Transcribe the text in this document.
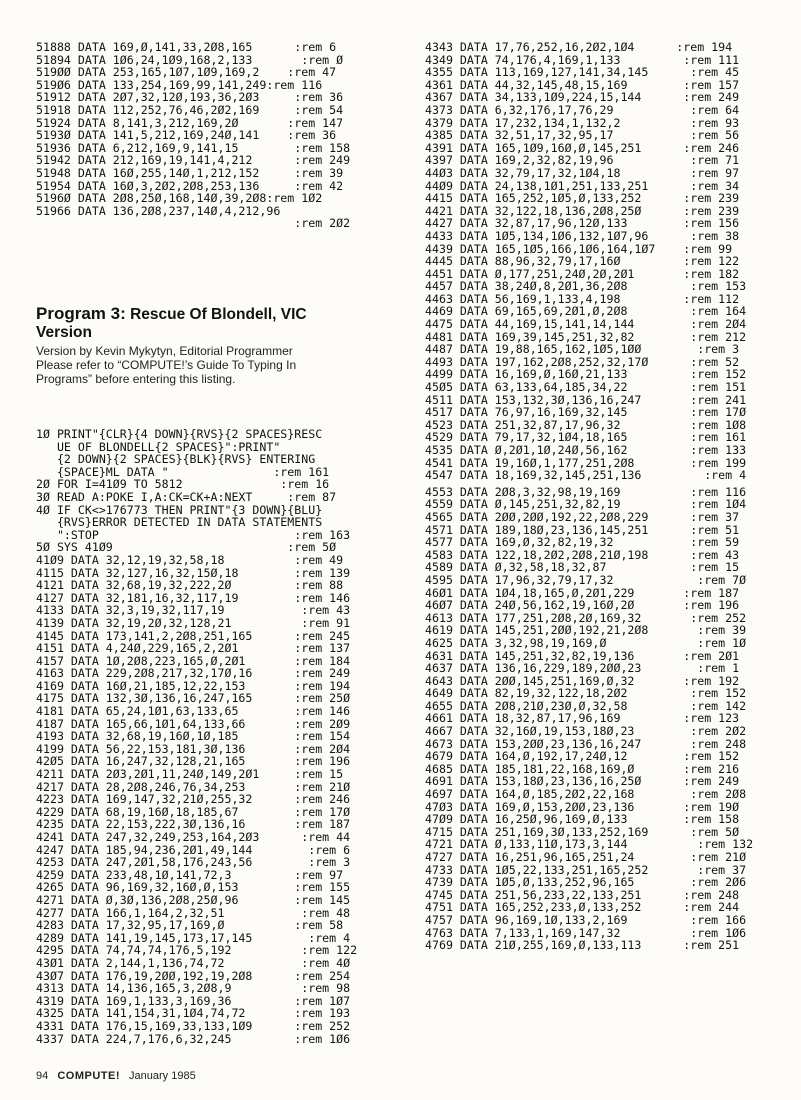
51888 DATA 169,Ø,141,33,2Ø8,165      :rem 6
51894 DATA 1Ø6,24,1Ø9,168,2,133       :rem Ø
519ØØ DATA 253,165,1Ø7,1Ø9,169,2    :rem 47
519Ø6 DATA 133,254,169,99,141,249:rem 116
51912 DATA 2Ø7,32,12Ø,193,36,2Ø3     :rem 36
51918 DATA 112,252,76,46,2Ø2,169     :rem 54
51924 DATA 8,141,3,212,169,2Ø       :rem 147
5193Ø DATA 141,5,212,169,24Ø,141    :rem 36
51936 DATA 6,212,169,9,141,15        :rem 158
51942 DATA 212,169,19,141,4,212      :rem 249
51948 DATA 16Ø,255,14Ø,1,212,152     :rem 39
51954 DATA 16Ø,3,2Ø2,2Ø8,253,136     :rem 42
5196Ø DATA 2Ø8,25Ø,168,14Ø,39,2Ø8:rem 1Ø2
51966 DATA 136,2Ø8,237,14Ø,4,212,96
:rem 2Ø2
Program 3: Rescue Of Blondell, VIC
Version
Version by Kevin Mykytyn, Editorial Programmer
Please refer to “COMPUTE!’s Guide To Typing In
Programs” before entering this listing.
1Ø PRINT"{CLR}{4 DOWN}{RVS}{2 SPACES}RESC
UE OF BLONDELL{2 SPACES}":PRINT"
{2 DOWN}{2 SPACES}{BLK}{RVS} ENTERING
{SPACE}ML DATA "               :rem 161
2Ø FOR I=41Ø9 TO 5812              :rem 16
3Ø READ A:POKE I,A:CK=CK+A:NEXT     :rem 87
4Ø IF CK<>176773 THEN PRINT"{3 DOWN}{BLU}
{RVS}ERROR DETECTED IN DATA STATEMENTS
":STOP                            :rem 163
5Ø SYS 41Ø9                         :rem 5Ø
41Ø9 DATA 32,12,19,32,58,18          :rem 49
4115 DATA 32,127,16,32,15Ø,18        :rem 139
4121 DATA 32,68,19,32,222,2Ø         :rem 88
4127 DATA 32,181,16,32,117,19        :rem 146
4133 DATA 32,3,19,32,117,19           :rem 43
4139 DATA 32,19,2Ø,32,128,21          :rem 91
4145 DATA 173,141,2,2Ø8,251,165      :rem 245
4151 DATA 4,24Ø,229,165,2,2Ø1        :rem 137
4157 DATA 1Ø,2Ø8,223,165,Ø,2Ø1       :rem 184
4163 DATA 229,2Ø8,217,32,17Ø,16      :rem 249
4169 DATA 16Ø,21,185,12,22,153       :rem 194
4175 DATA 132,3Ø,136,16,247,165      :rem 25Ø
4181 DATA 65,24,1Ø1,63,133,65        :rem 146
4187 DATA 165,66,1Ø1,64,133,66       :rem 2Ø9
4193 DATA 32,68,19,16Ø,1Ø,185        :rem 154
4199 DATA 56,22,153,181,3Ø,136       :rem 2Ø4
42Ø5 DATA 16,247,32,128,21,165       :rem 196
4211 DATA 2Ø3,2Ø1,11,24Ø,149,2Ø1     :rem 15
4217 DATA 28,2Ø8,246,76,34,253       :rem 21Ø
4223 DATA 169,147,32,21Ø,255,32      :rem 246
4229 DATA 68,19,16Ø,18,185,67        :rem 17Ø
4235 DATA 22,153,222,3Ø,136,16       :rem 187
4241 DATA 247,32,249,253,164,2Ø3      :rem 44
4247 DATA 185,94,236,2Ø1,49,144        :rem 6
4253 DATA 247,2Ø1,58,176,243,56        :rem 3
4259 DATA 233,48,1Ø,141,72,3         :rem 97
4265 DATA 96,169,32,16Ø,Ø,153        :rem 155
4271 DATA Ø,3Ø,136,2Ø8,25Ø,96        :rem 145
4277 DATA 166,1,164,2,32,51           :rem 48
4283 DATA 17,32,95,17,169,Ø          :rem 58
4289 DATA 141,19,145,173,17,145        :rem 4
4295 DATA 74,74,74,176,5,192          :rem 122
43Ø1 DATA 2,144,1,136,74,72           :rem 4Ø
43Ø7 DATA 176,19,2ØØ,192,19,2Ø8      :rem 254
4313 DATA 14,136,165,3,2Ø8,9          :rem 98
4319 DATA 169,1,133,3,169,36         :rem 1Ø7
4325 DATA 141,154,31,1Ø4,74,72       :rem 193
4331 DATA 176,15,169,33,133,1Ø9      :rem 252
4337 DATA 224,7,176,6,32,245         :rem 1Ø6
4343 DATA 17,76,252,16,2Ø2,1Ø4      :rem 194
4349 DATA 74,176,4,169,1,133         :rem 111
4355 DATA 113,169,127,141,34,145      :rem 45
4361 DATA 44,32,145,48,15,169        :rem 157
4367 DATA 34,133,1Ø9,224,15,144      :rem 249
4373 DATA 6,32,176,17,76,29           :rem 64
4379 DATA 17,232,134,1,132,2          :rem 93
4385 DATA 32,51,17,32,95,17           :rem 56
4391 DATA 165,1Ø9,16Ø,Ø,145,251      :rem 246
4397 DATA 169,2,32,82,19,96           :rem 71
44Ø3 DATA 32,79,17,32,1Ø4,18          :rem 97
44Ø9 DATA 24,138,1Ø1,251,133,251      :rem 34
4415 DATA 165,252,1Ø5,Ø,133,252      :rem 239
4421 DATA 32,122,18,136,2Ø8,25Ø      :rem 239
4427 DATA 32,87,17,96,12Ø,133        :rem 156
4433 DATA 1Ø5,134,1Ø6,132,1Ø7,96      :rem 38
4439 DATA 165,1Ø5,166,1Ø6,164,1Ø7    :rem 99
4445 DATA 88,96,32,79,17,16Ø         :rem 122
4451 DATA Ø,177,251,24Ø,2Ø,2Ø1       :rem 182
4457 DATA 38,24Ø,8,2Ø1,36,2Ø8         :rem 153
4463 DATA 56,169,1,133,4,198         :rem 112
4469 DATA 69,165,69,2Ø1,Ø,2Ø8         :rem 164
4475 DATA 44,169,15,141,14,144        :rem 2Ø4
4481 DATA 169,39,145,251,32,82        :rem 212
4487 DATA 19,88,165,162,1Ø5,1ØØ        :rem 3
4493 DATA 197,162,2Ø8,252,32,17Ø      :rem 52
4499 DATA 16,169,Ø,16Ø,21,133         :rem 152
45Ø5 DATA 63,133,64,185,34,22         :rem 151
4511 DATA 153,132,3Ø,136,16,247       :rem 241
4517 DATA 76,97,16,169,32,145         :rem 17Ø
4523 DATA 251,32,87,17,96,32          :rem 1Ø8
4529 DATA 79,17,32,1Ø4,18,165         :rem 161
4535 DATA Ø,2Ø1,1Ø,24Ø,56,162         :rem 133
4541 DATA 19,16Ø,1,177,251,2Ø8        :rem 199
4547 DATA 18,169,32,145,251,136         :rem 4
4553 DATA 2Ø8,3,32,98,19,169          :rem 116
4559 DATA Ø,145,251,32,82,19          :rem 1Ø4
4565 DATA 2ØØ,2ØØ,192,22,2Ø8,229      :rem 37
4571 DATA 189,18Ø,23,136,145,251      :rem 51
4577 DATA 169,Ø,32,82,19,32           :rem 59
4583 DATA 122,18,2Ø2,2Ø8,21Ø,198      :rem 43
4589 DATA Ø,32,58,18,32,87            :rem 15
4595 DATA 17,96,32,79,17,32            :rem 7Ø
46Ø1 DATA 1Ø4,18,165,Ø,2Ø1,229       :rem 187
46Ø7 DATA 24Ø,56,162,19,16Ø,2Ø       :rem 196
4613 DATA 177,251,2Ø8,2Ø,169,32       :rem 252
4619 DATA 145,251,2ØØ,192,21,2Ø8       :rem 39
4625 DATA 3,32,98,19,169,Ø             :rem 1Ø
4631 DATA 145,251,32,82,19,136       :rem 2Ø1
4637 DATA 136,16,229,189,2ØØ,23        :rem 1
4643 DATA 2ØØ,145,251,169,Ø,32       :rem 192
4649 DATA 82,19,32,122,18,2Ø2         :rem 152
4655 DATA 2Ø8,21Ø,23Ø,Ø,32,58         :rem 142
4661 DATA 18,32,87,17,96,169         :rem 123
4667 DATA 32,16Ø,19,153,18Ø,23        :rem 2Ø2
4673 DATA 153,2ØØ,23,136,16,247       :rem 248
4679 DATA 164,Ø,192,17,24Ø,12        :rem 152
4685 DATA 185,181,22,168,169,Ø       :rem 216
4691 DATA 153,18Ø,23,136,16,25Ø      :rem 249
4697 DATA 164,Ø,185,2Ø2,22,168        :rem 2Ø8
47Ø3 DATA 169,Ø,153,2ØØ,23,136       :rem 19Ø
47Ø9 DATA 16,25Ø,96,169,Ø,133        :rem 158
4715 DATA 251,169,3Ø,133,252,169      :rem 5Ø
4721 DATA Ø,133,11Ø,173,3,144          :rem 132
4727 DATA 16,251,96,165,251,24        :rem 21Ø
4733 DATA 1Ø5,22,133,251,165,252       :rem 37
4739 DATA 1Ø5,Ø,133,252,96,165        :rem 2Ø6
4745 DATA 251,56,233,22,133,251      :rem 248
4751 DATA 165,252,233,Ø,133,252      :rem 244
4757 DATA 96,169,1Ø,133,2,169         :rem 166
4763 DATA 7,133,1,169,147,32          :rem 1Ø6
4769 DATA 21Ø,255,169,Ø,133,113      :rem 251
94 COMPUTE! January 1985
